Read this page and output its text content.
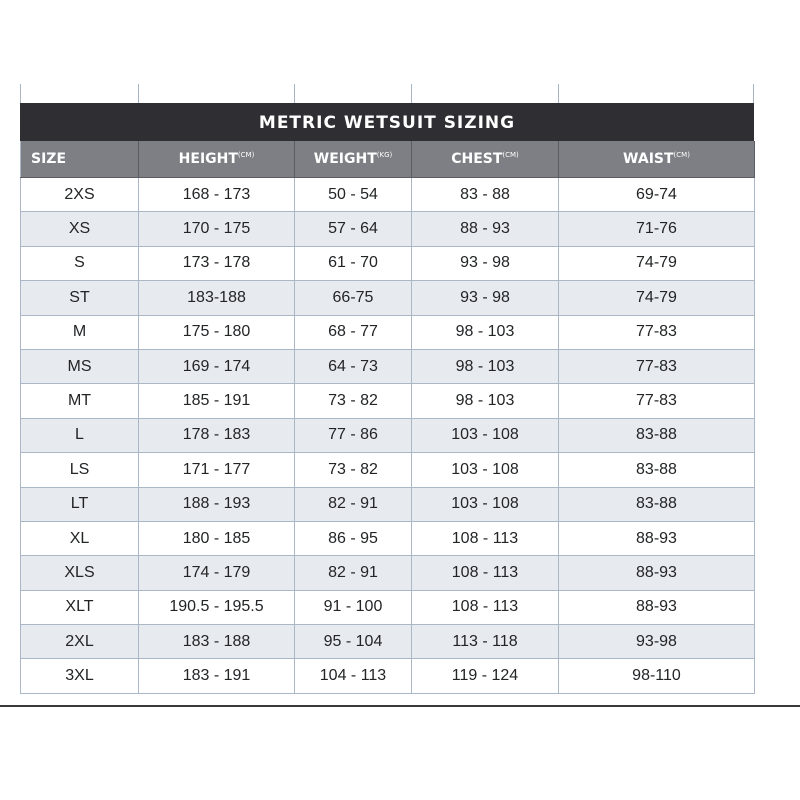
METRIC WETSUIT SIZING
SIZE	$HEIGHT^{(CM)}$	$WEIGHT^{(KG)}$	$CHEST^{(CM)}$	$WAIST^{(CM)}$
2XS	168 - 173	50 - 54	83 - 88	69-74
XS	170 - 175	57 - 64	88 - 93	71-76
S	173 - 178	61 - 70	93 - 98	74-79
ST	183-188	66-75	93 - 98	74-79
M	175 - 180	68 - 77	98 - 103	77-83
MS	169 - 174	64 - 73	98 - 103	77-83
MT	185 - 191	73 - 82	98 - 103	77-83
L	178 - 183	77 - 86	103 - 108	83-88
LS	171 - 177	73 - 82	103 - 108	83-88
LT	188 - 193	82 - 91	103 - 108	83-88
XL	180 - 185	86 - 95	108 - 113	88-93
XLS	174 - 179	82 - 91	108 - 113	88-93
XLT	190.5 - 195.5	91 - 100	108 - 113	88-93
2XL	183 - 188	95 - 104	113 - 118	93-98
3XL	183 - 191	104 - 113	119 - 124	98-110
